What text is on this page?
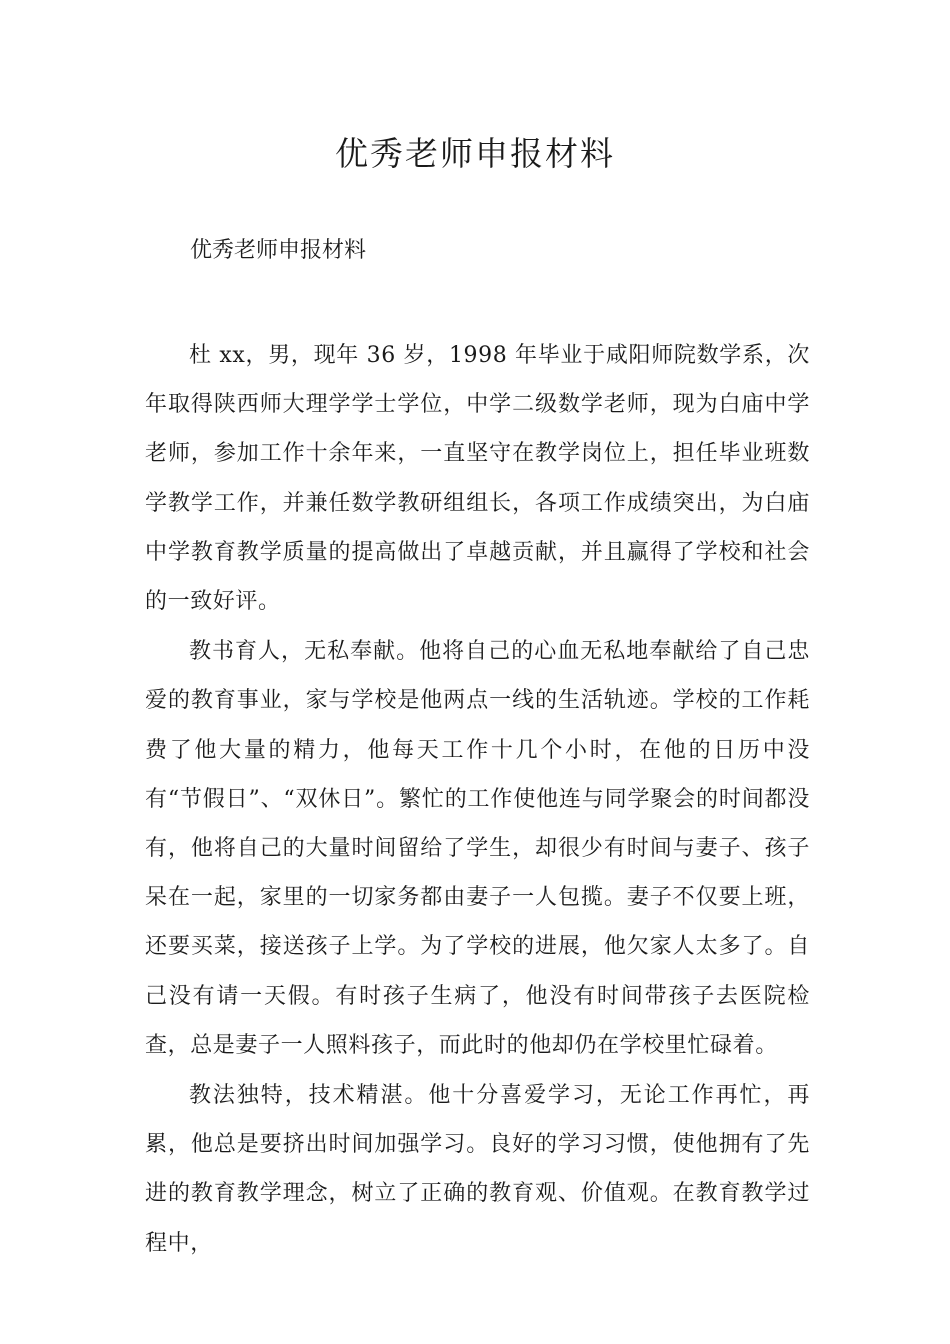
优秀老师申报材料

优秀老师申报材料

杜 xx，男，现年 36 岁，1998 年毕业于咸阳师院数学系，次年取得陕西师大理学学士学位，中学二级数学老师，现为白庙中学老师，参加工作十余年来，一直坚守在教学岗位上，担任毕业班数学教学工作，并兼任数学教研组组长，各项工作成绩突出，为白庙中学教育教学质量的提高做出了卓越贡献，并且赢得了学校和社会的一致好评。

教书育人，无私奉献。他将自己的心血无私地奉献给了自己忠爱的教育事业，家与学校是他两点一线的生活轨迹。学校的工作耗费了他大量的精力，他每天工作十几个小时，在他的日历中没有“节假日”、“双休日”。繁忙的工作使他连与同学聚会的时间都没有，他将自己的大量时间留给了学生，却很少有时间与妻子、孩子呆在一起，家里的一切家务都由妻子一人包揽。妻子不仅要上班，还要买菜，接送孩子上学。为了学校的进展，他欠家人太多了。自己没有请一天假。有时孩子生病了，他没有时间带孩子去医院检查，总是妻子一人照料孩子，而此时的他却仍在学校里忙碌着。

教法独特，技术精湛。他十分喜爱学习，无论工作再忙，再累，他总是要挤出时间加强学习。良好的学习习惯，使他拥有了先进的教育教学理念，树立了正确的教育观、价值观。在教育教学过程中，
